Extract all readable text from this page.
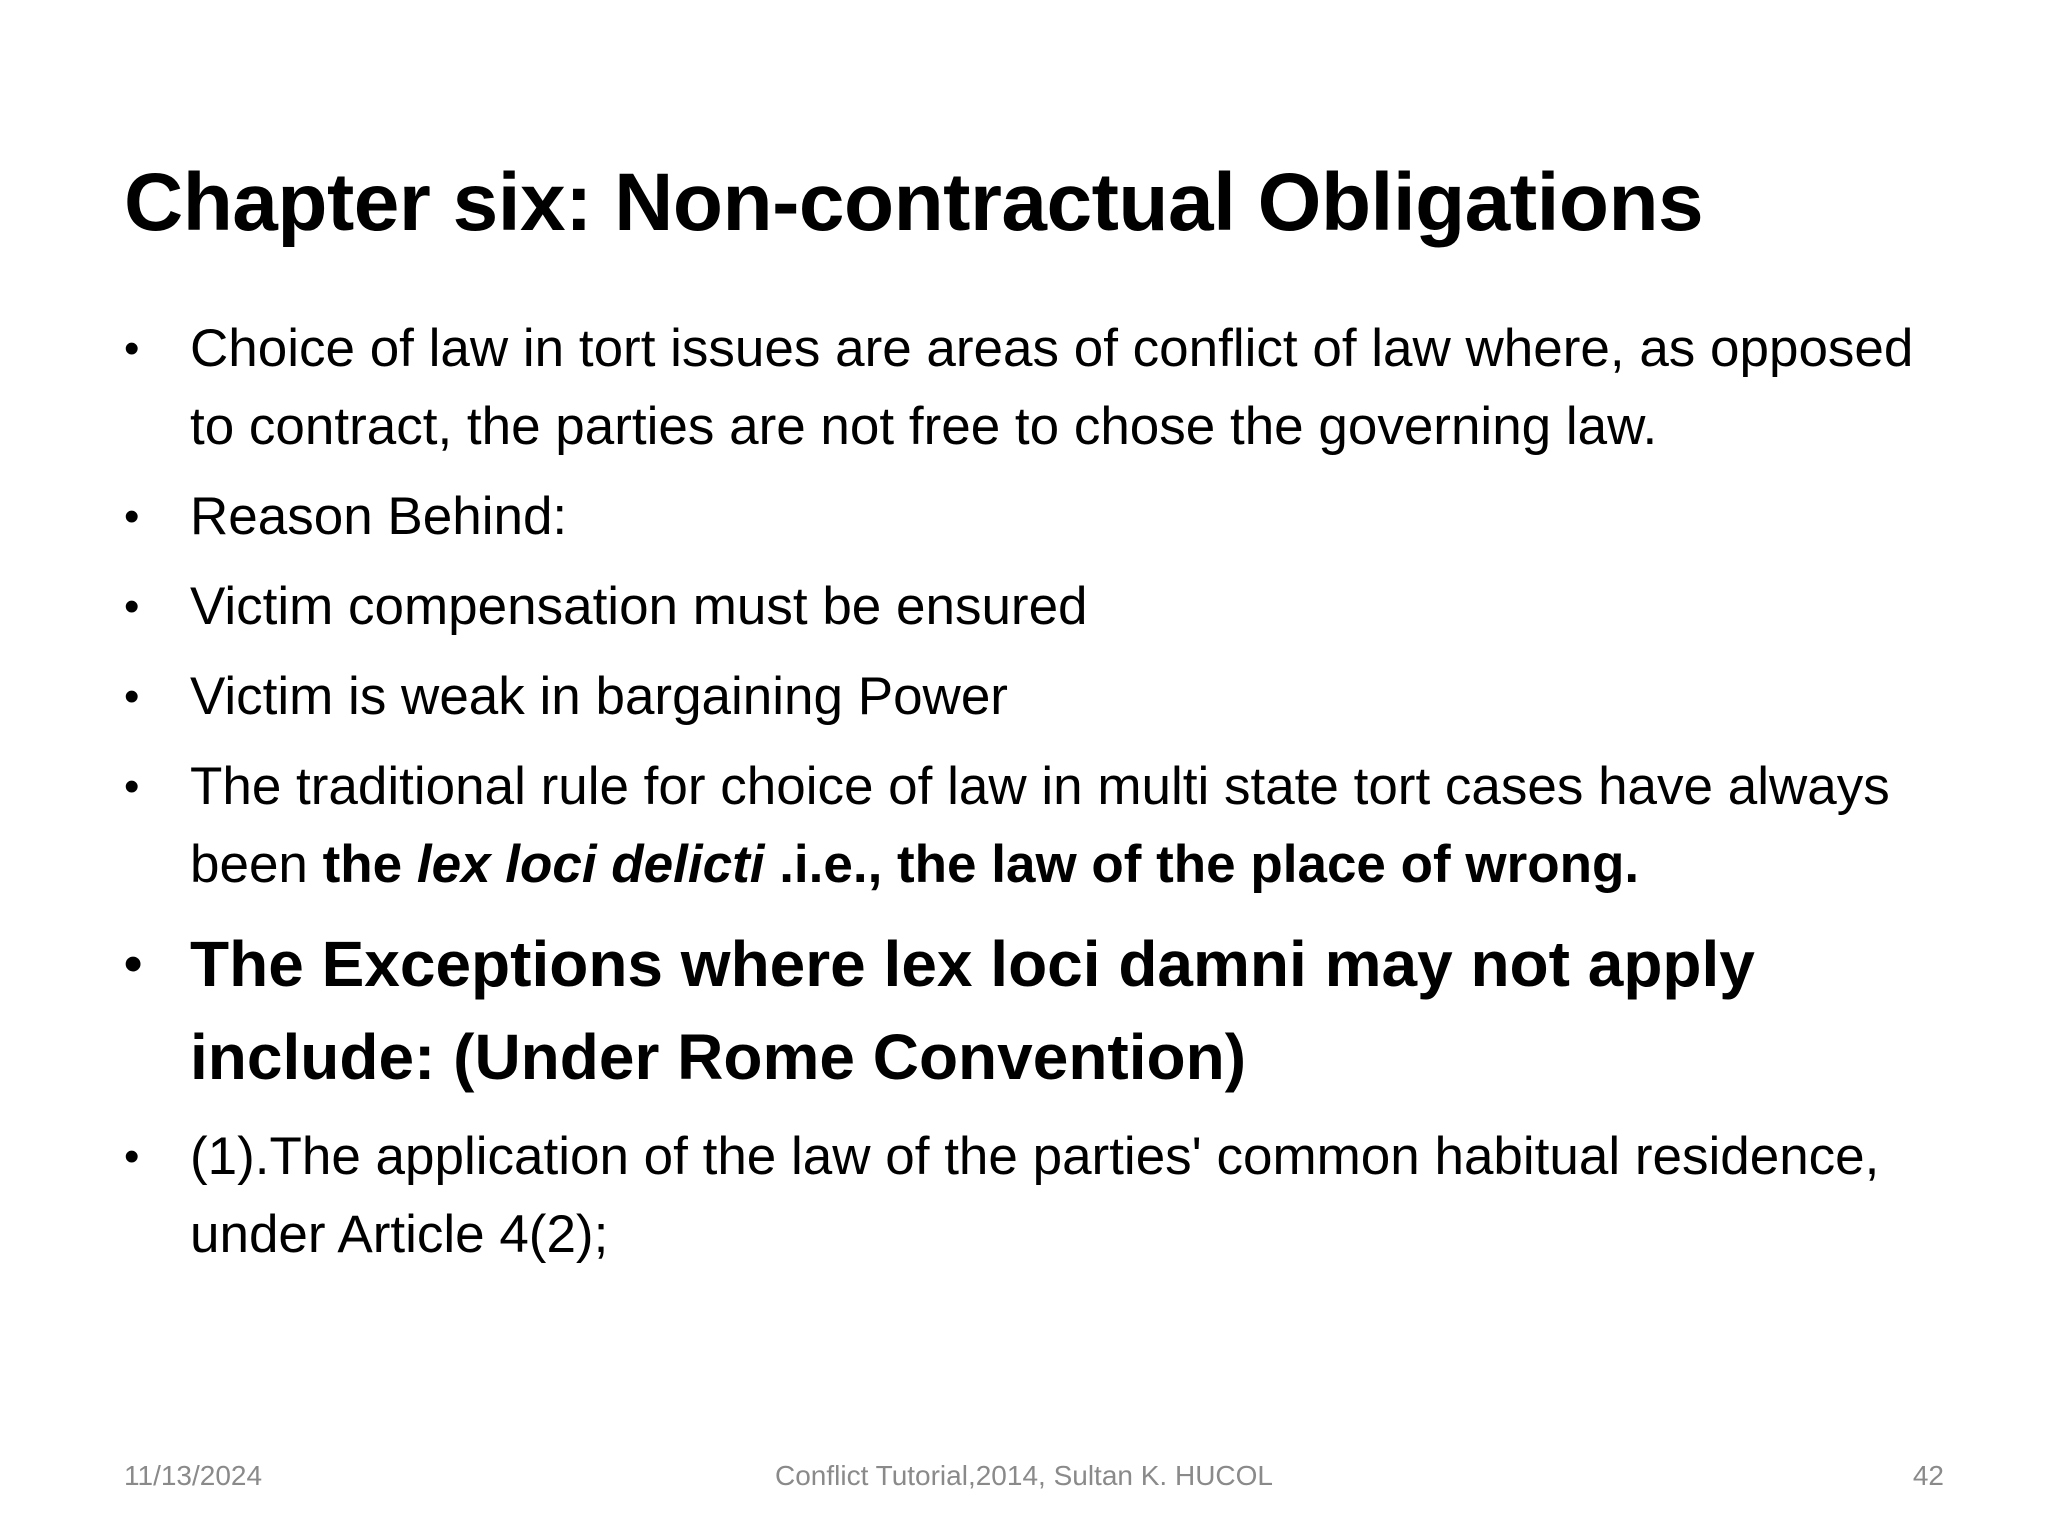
Chapter six: Non-contractual Obligations
• Choice of law in tort issues are areas of conflict of law where, as opposed to contract, the parties are not free to chose the governing law.
• Reason Behind:
• Victim compensation must be ensured
• Victim is weak in bargaining Power
• The traditional rule for choice of law in multi state tort cases have always been the lex loci delicti .i.e., the law of the place of wrong.
• The Exceptions where lex loci damni may not apply include: (Under Rome Convention)
• (1).The application of the law of the parties' common habitual residence, under Article 4(2);
11/13/2024	Conflict Tutorial,2014, Sultan K. HUCOL	42
